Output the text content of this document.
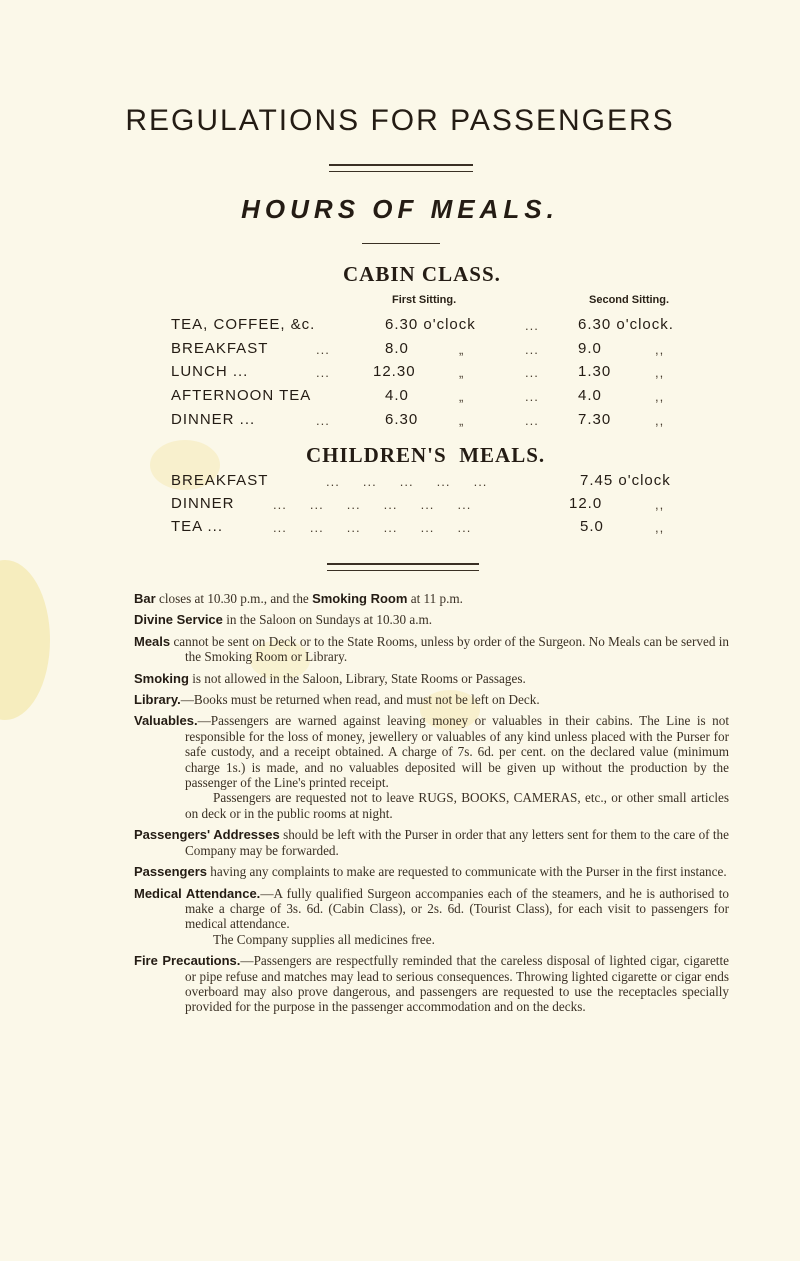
REGULATIONS FOR PASSENGERS
HOURS OF MEALS.
CABIN CLASS.
First Sitting.	Second Sitting.
TEA, COFFEE, &c.	6.30 o'clock	...	6.30 o'clock.
BREAKFAST	...	8.0	„	...	9.0	,,
LUNCH ...	...	12.30	„	...	1.30	,,
AFTERNOON TEA	4.0	„	...	4.0	,,
DINNER ...	...	6.30	„	...	7.30	,,
CHILDREN'S  MEALS.
BREAKFAST	...     ...     ...     ...     ...	7.45 o'clock
DINNER	...     ...     ...     ...     ...     ...	12.0	,,
TEA ...	...     ...     ...     ...     ...     ...	5.0	,,

Bar closes at 10.30 p.m., and the Smoking Room at 11 p.m.

Divine Service in the Saloon on Sundays at 10.30 a.m.

Meals cannot be sent on Deck or to the State Rooms, unless by order of the Surgeon. No Meals can be served in the Smoking Room or Library.

Smoking is not allowed in the Saloon, Library, State Rooms or Passages.

Library.—Books must be returned when read, and must not be left on Deck.

Valuables.—Passengers are warned against leaving money or valuables in their cabins. The Line is not responsible for the loss of money, jewellery or valuables of any kind unless placed with the Purser for safe custody, and a receipt obtained. A charge of 7s. 6d. per cent. on the declared value (minimum charge 1s.) is made, and no valuables deposited will be given up without the production by the passenger of the Line's printed receipt.
Passengers are requested not to leave RUGS, BOOKS, CAMERAS, etc., or other small articles on deck or in the public rooms at night.

Passengers' Addresses should be left with the Purser in order that any letters sent for them to the care of the Company may be forwarded.

Passengers having any complaints to make are requested to communicate with the Purser in the first instance.

Medical Attendance.—A fully qualified Surgeon accompanies each of the steamers, and he is authorised to make a charge of 3s. 6d. (Cabin Class), or 2s. 6d. (Tourist Class), for each visit to passengers for medical attendance.
The Company supplies all medicines free.

Fire Precautions.—Passengers are respectfully reminded that the careless disposal of lighted cigar, cigarette or pipe refuse and matches may lead to serious consequences. Throwing lighted cigarette or cigar ends overboard may also prove dangerous, and passengers are requested to use the receptacles specially provided for the purpose in the passenger accommodation and on the decks.
